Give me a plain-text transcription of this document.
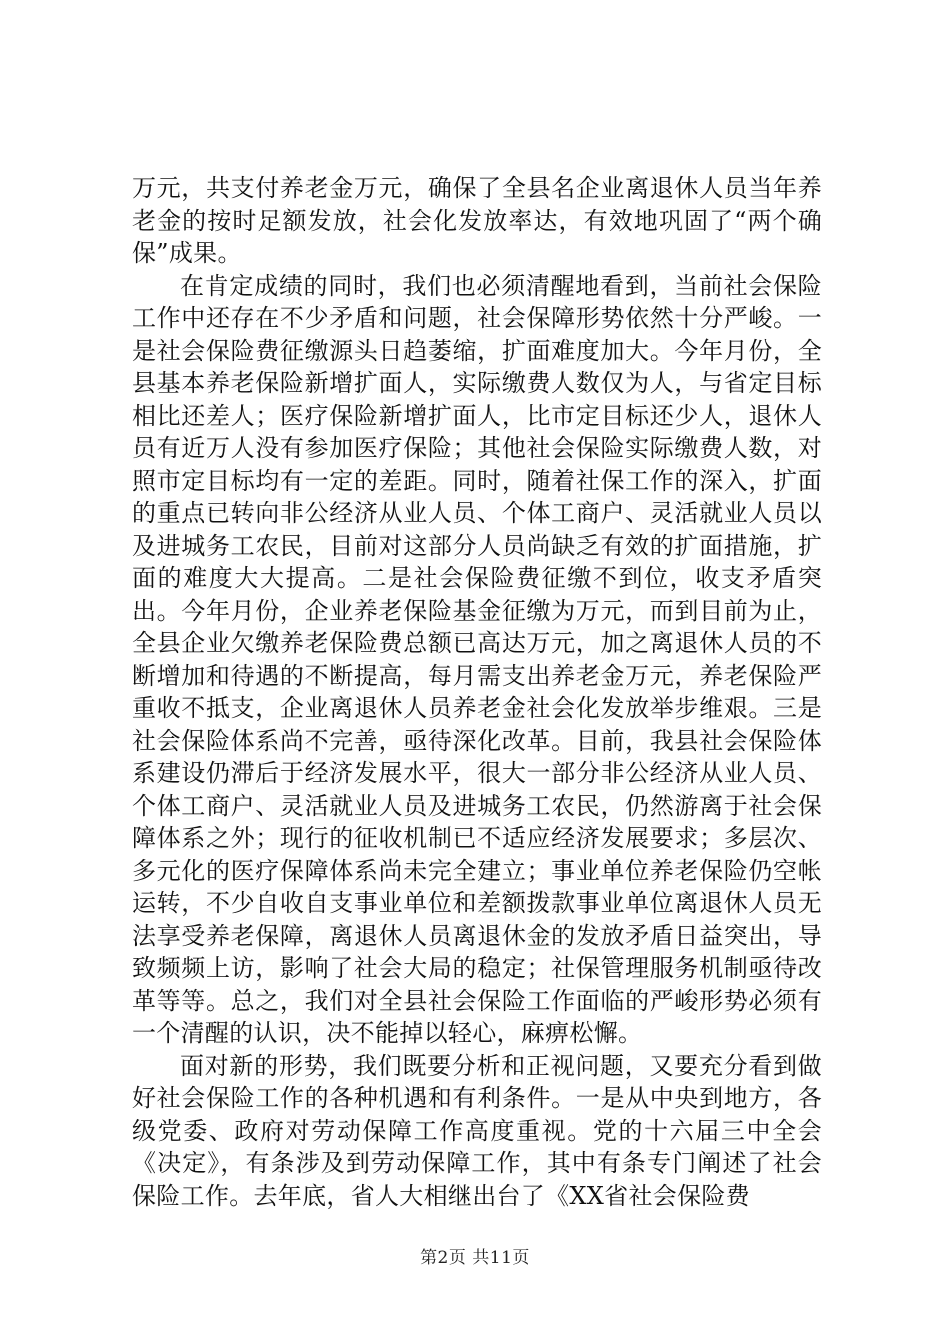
万元，共支付养老金万元，确保了全县名企业离退休人员当年养老金的按时足额发放，社会化发放率达，有效地巩固了“两个确保”成果。

在肯定成绩的同时，我们也必须清醒地看到，当前社会保险工作中还存在不少矛盾和问题，社会保障形势依然十分严峻。一是社会保险费征缴源头日趋萎缩，扩面难度加大。今年月份，全县基本养老保险新增扩面人，实际缴费人数仅为人，与省定目标相比还差人；医疗保险新增扩面人，比市定目标还少人，退休人员有近万人没有参加医疗保险；其他社会保险实际缴费人数，对照市定目标均有一定的差距。同时，随着社保工作的深入，扩面的重点已转向非公经济从业人员、个体工商户、灵活就业人员以及进城务工农民，目前对这部分人员尚缺乏有效的扩面措施，扩面的难度大大提高。二是社会保险费征缴不到位，收支矛盾突出。今年月份，企业养老保险基金征缴为万元，而到目前为止，全县企业欠缴养老保险费总额已高达万元，加之离退休人员的不断增加和待遇的不断提高，每月需支出养老金万元，养老保险严重收不抵支，企业离退休人员养老金社会化发放举步维艰。三是社会保险体系尚不完善，亟待深化改革。目前，我县社会保险体系建设仍滞后于经济发展水平，很大一部分非公经济从业人员、个体工商户、灵活就业人员及进城务工农民，仍然游离于社会保障体系之外；现行的征收机制已不适应经济发展要求；多层次、多元化的医疗保障体系尚未完全建立；事业单位养老保险仍空帐运转，不少自收自支事业单位和差额拨款事业单位离退休人员无法享受养老保障，离退休人员离退休金的发放矛盾日益突出，导致频频上访，影响了社会大局的稳定；社保管理服务机制亟待改革等等。总之，我们对全县社会保险工作面临的严峻形势必须有一个清醒的认识，决不能掉以轻心，麻痹松懈。

面对新的形势，我们既要分析和正视问题，又要充分看到做好社会保险工作的各种机遇和有利条件。一是从中央到地方，各级党委、政府对劳动保障工作高度重视。党的十六届三中全会《决定》，有条涉及到劳动保障工作，其中有条专门阐述了社会保险工作。去年底，省人大相继出台了《XX省社会保险费

第2页 共11页
